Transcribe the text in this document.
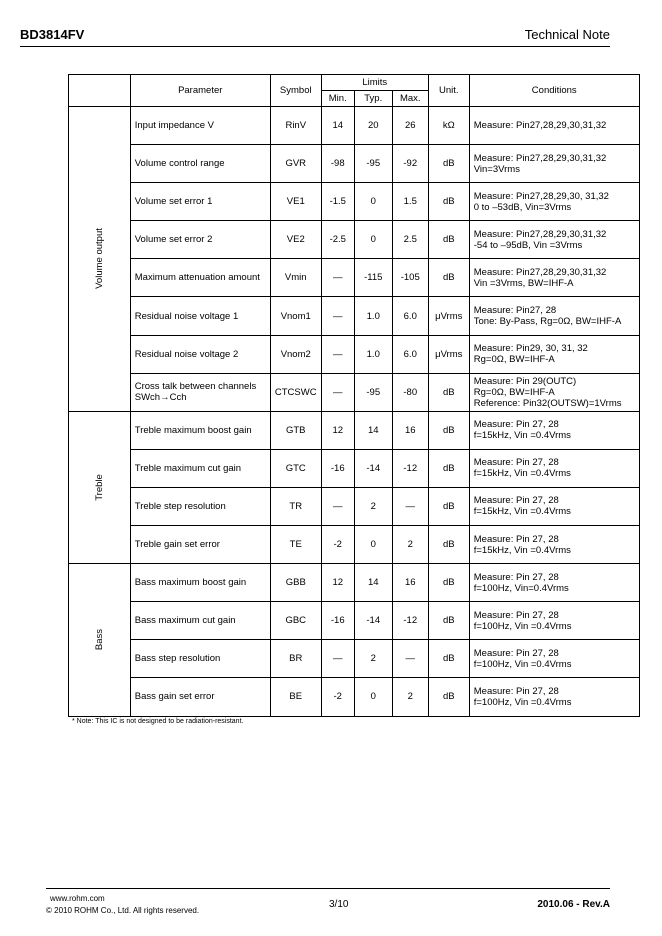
BD3814FV	Technical Note
	Parameter	Symbol	Limits			Unit.	Conditions
			Min.	Typ.	Max.		
Volume output	Input impedance V	RinV	14	20	26	kΩ	Measure: Pin27,28,29,30,31,32
	Volume control range	GVR	-98	-95	-92	dB	Measure: Pin27,28,29,30,31,32
Vin=3Vrms
	Volume set error 1	VE1	-1.5	0	1.5	dB	Measure: Pin27,28,29,30, 31,32
0 to –53dB, Vin=3Vrms
	Volume set error 2	VE2	-2.5	0	2.5	dB	Measure: Pin27,28,29,30,31,32
-54 to –95dB, Vin =3Vrms
	Maximum attenuation amount	Vmin	—	-115	-105	dB	Measure: Pin27,28,29,30,31,32
Vin =3Vrms, BW=IHF-A
	Residual noise voltage 1	Vnom1	—	1.0	6.0	μVrms	Measure: Pin27, 28
Tone: By-Pass, Rg=0Ω, BW=IHF-A
	Residual noise voltage 2	Vnom2	—	1.0	6.0	μVrms	Measure: Pin29, 30, 31, 32
Rg=0Ω, BW=IHF-A
	Cross talk between channels SWch→Cch	CTCSWC	—	-95	-80	dB	Measure: Pin 29(OUTC)
Rg=0Ω, BW=IHF-A
Reference: Pin32(OUTSW)=1Vrms
Treble	Treble maximum boost gain	GTB	12	14	16	dB	Measure: Pin 27, 28
f=15kHz, Vin =0.4Vrms
	Treble maximum cut gain	GTC	-16	-14	-12	dB	Measure: Pin 27, 28
f=15kHz, Vin =0.4Vrms
	Treble step resolution	TR	—	2	—	dB	Measure: Pin 27, 28
f=15kHz, Vin =0.4Vrms
	Treble gain set error	TE	-2	0	2	dB	Measure: Pin 27, 28
f=15kHz, Vin =0.4Vrms
Bass	Bass maximum boost gain	GBB	12	14	16	dB	Measure: Pin 27, 28
f=100Hz, Vin=0.4Vrms
	Bass maximum cut gain	GBC	-16	-14	-12	dB	Measure: Pin 27, 28
f=100Hz, Vin =0.4Vrms
	Bass step resolution	BR	—	2	—	dB	Measure: Pin 27, 28
f=100Hz, Vin =0.4Vrms
	Bass gain set error	BE	-2	0	2	dB	Measure: Pin 27, 28
f=100Hz, Vin =0.4Vrms
* Note: This IC is not designed to be radiation-resistant.
www.rohm.com
© 2010 ROHM Co., Ltd. All rights reserved.
3/10	2010.06 - Rev.A
